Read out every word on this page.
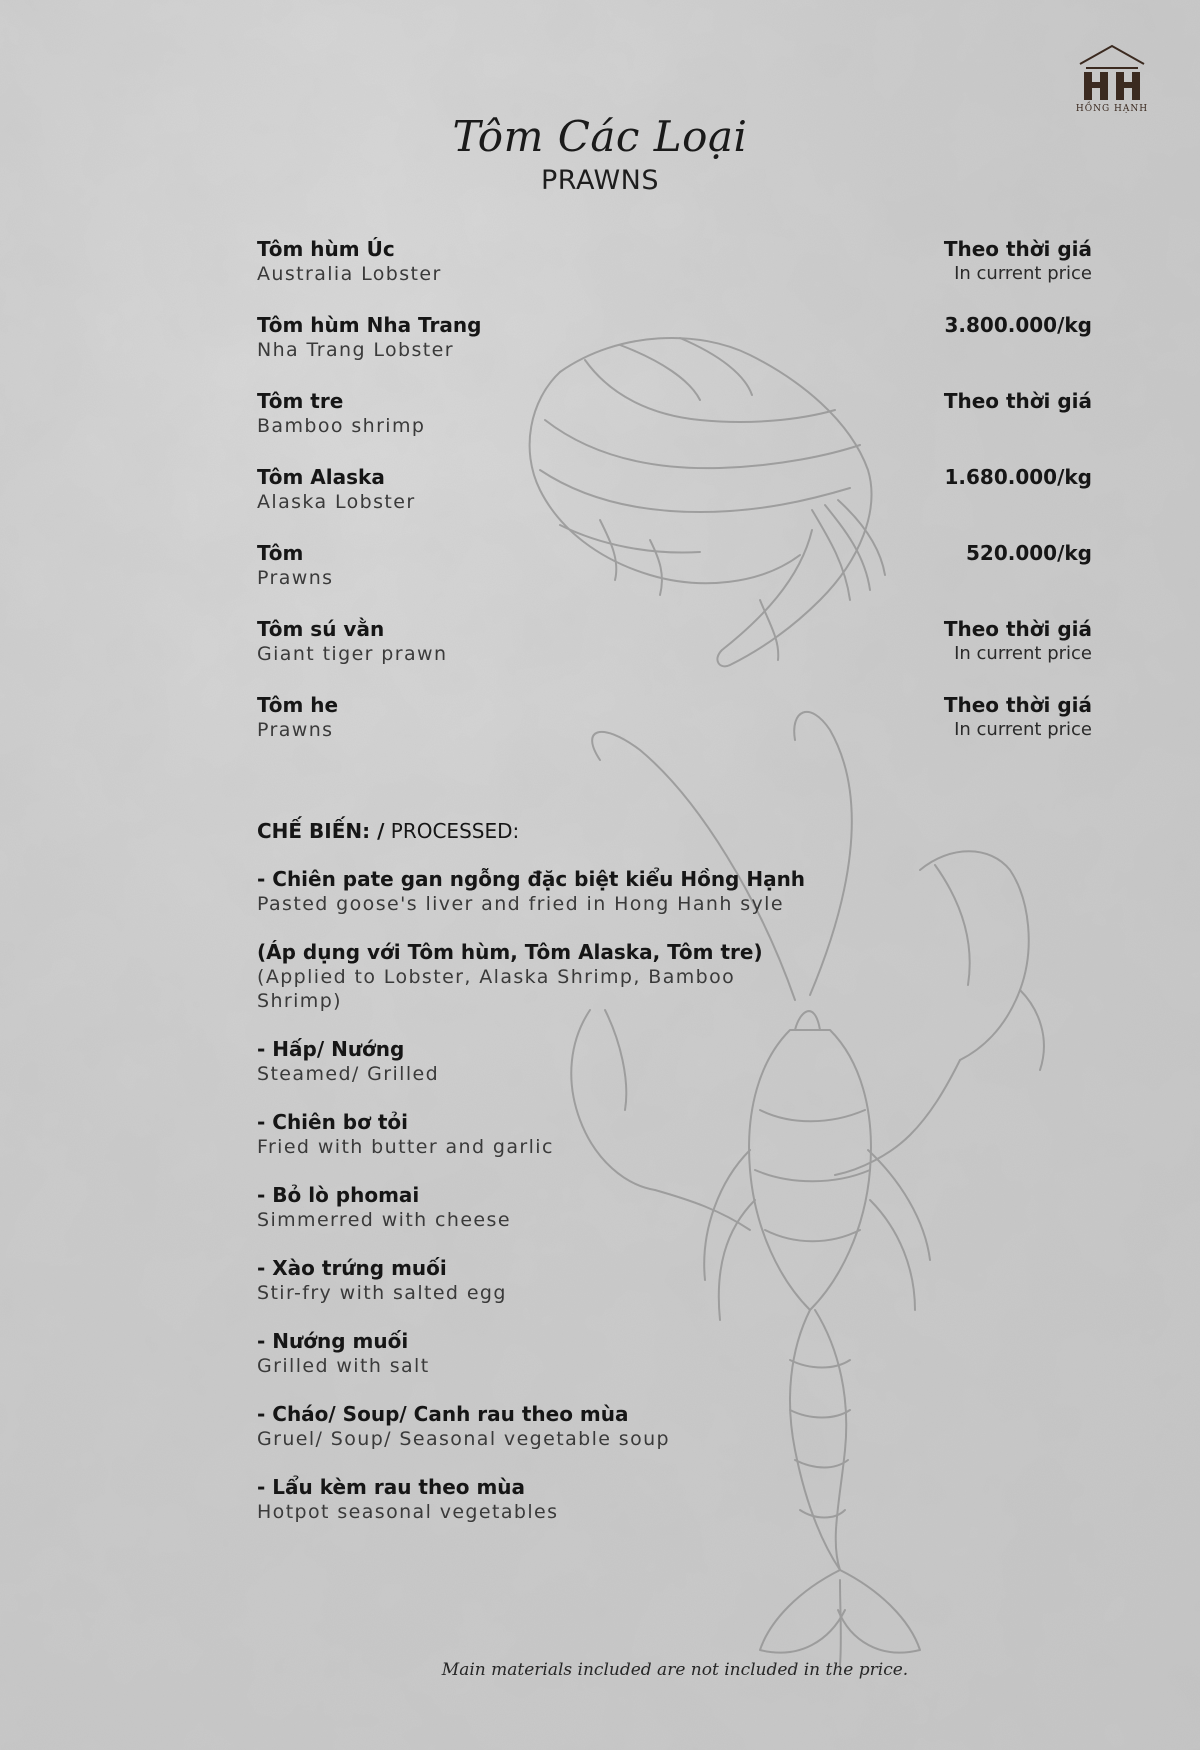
HỒNG HẠNH
Tôm Các Loại
PRAWNS
Tôm hùm Úc
Australia Lobster
Theo thời giá
In current price
Tôm hùm Nha Trang
Nha Trang Lobster
3.800.000/kg
Tôm tre
Bamboo shrimp
Theo thời giá
Tôm Alaska
Alaska Lobster
1.680.000/kg
Tôm
Prawns
520.000/kg
Tôm sú vằn
Giant tiger prawn
Theo thời giá
In current price
Tôm he
Prawns
Theo thời giá
In current price
CHẾ BIẾN: / PROCESSED:
- Chiên pate gan ngỗng đặc biệt kiểu Hồng Hạnh
Pasted goose's liver and fried in Hong Hanh syle
(Áp dụng với Tôm hùm, Tôm Alaska, Tôm tre)
(Applied to Lobster, Alaska Shrimp, Bamboo Shrimp)
- Hấp/ Nướng
Steamed/ Grilled
- Chiên bơ tỏi
Fried with butter and garlic
- Bỏ lò phomai
Simmerred with cheese
- Xào trứng muối
Stir-fry with salted egg
- Nướng muối
Grilled with salt
- Cháo/ Soup/ Canh rau theo mùa
Gruel/ Soup/ Seasonal vegetable soup
- Lẩu kèm rau theo mùa
Hotpot seasonal vegetables
Main materials included are not included in the price.
